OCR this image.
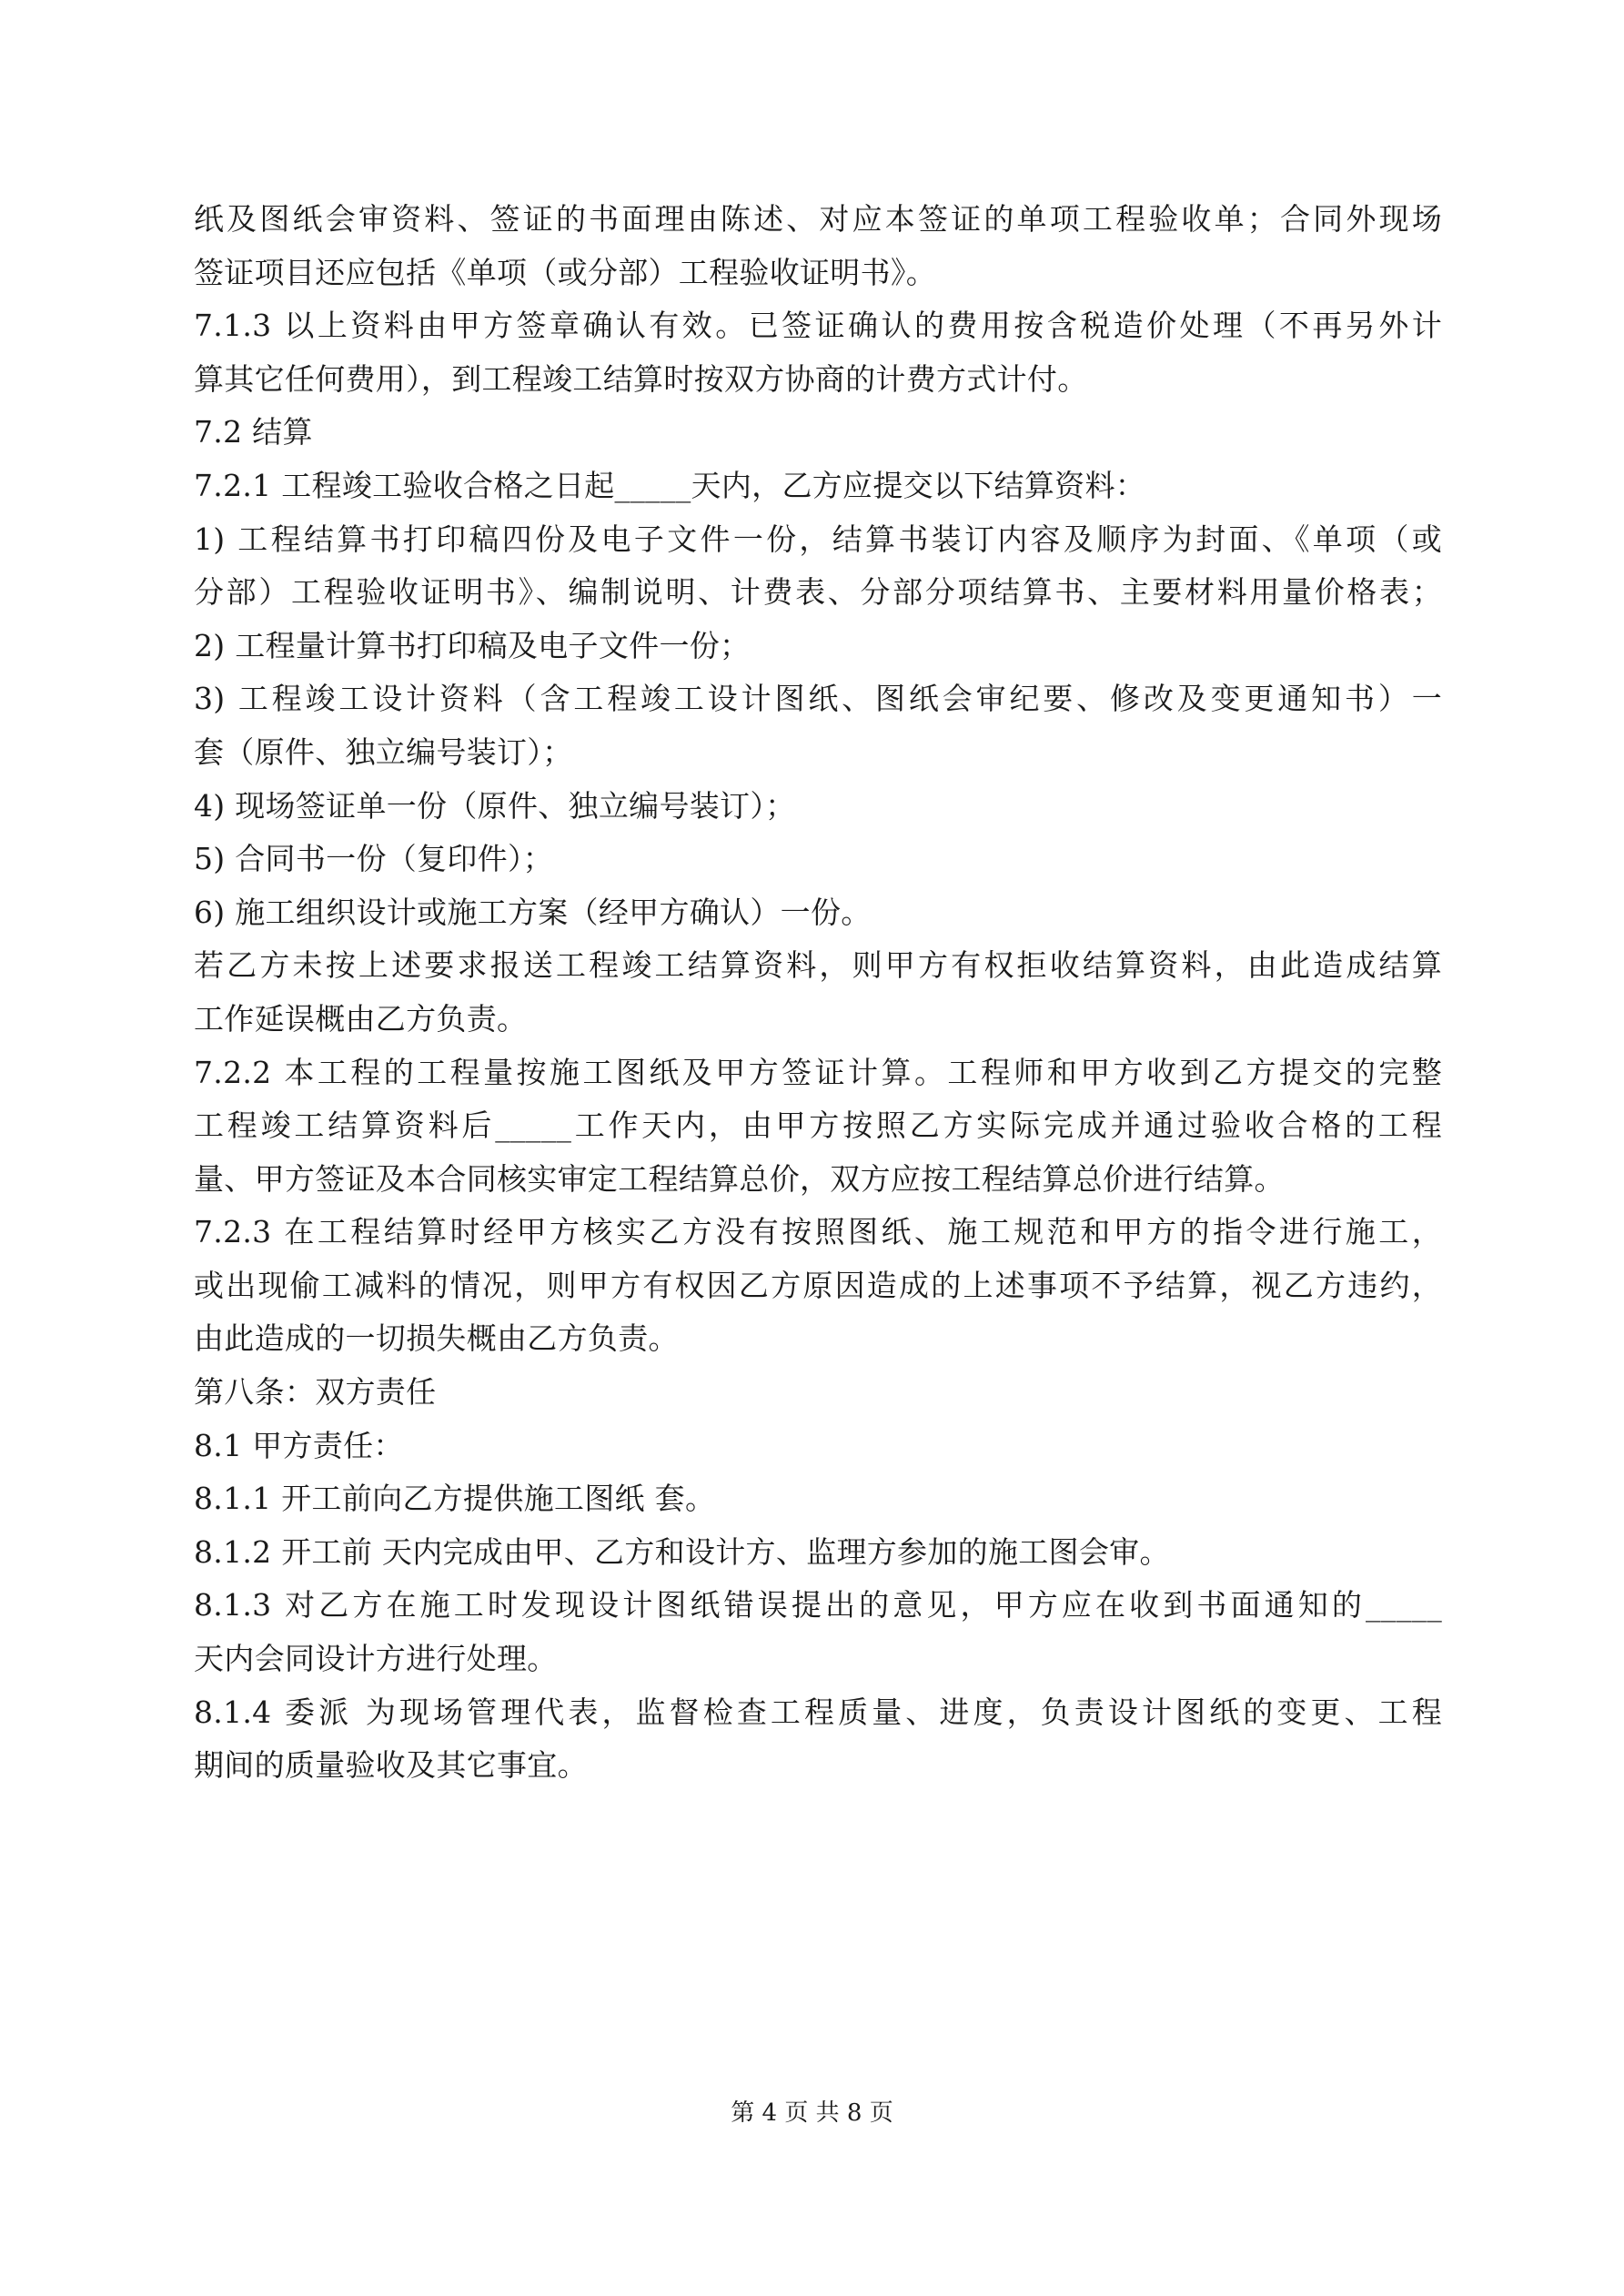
纸及图纸会审资料、签证的书面理由陈述、对应本签证的单项工程验收单；合同外现场
签证项目还应包括《单项（或分部）工程验收证明书》。
7.1.3 以上资料由甲方签章确认有效。已签证确认的费用按含税造价处理（不再另外计
算其它任何费用），到工程竣工结算时按双方协商的计费方式计付。
7.2 结算
7.2.1 工程竣工验收合格之日起_____天内，乙方应提交以下结算资料：
1) 工程结算书打印稿四份及电子文件一份，结算书装订内容及顺序为封面、《单项（或
分部）工程验收证明书》、编制说明、计费表、分部分项结算书、主要材料用量价格表；
2) 工程量计算书打印稿及电子文件一份；
3) 工程竣工设计资料（含工程竣工设计图纸、图纸会审纪要、修改及变更通知书）一
套（原件、独立编号装订）；
4) 现场签证单一份（原件、独立编号装订）；
5) 合同书一份（复印件）；
6) 施工组织设计或施工方案（经甲方确认）一份。
若乙方未按上述要求报送工程竣工结算资料，则甲方有权拒收结算资料，由此造成结算
工作延误概由乙方负责。
7.2.2 本工程的工程量按施工图纸及甲方签证计算。工程师和甲方收到乙方提交的完整
工程竣工结算资料后_____工作天内，由甲方按照乙方实际完成并通过验收合格的工程
量、甲方签证及本合同核实审定工程结算总价，双方应按工程结算总价进行结算。
7.2.3 在工程结算时经甲方核实乙方没有按照图纸、施工规范和甲方的指令进行施工，
或出现偷工减料的情况，则甲方有权因乙方原因造成的上述事项不予结算，视乙方违约，
由此造成的一切损失概由乙方负责。
第八条：双方责任
8.1 甲方责任：
8.1.1 开工前向乙方提供施工图纸 套。
8.1.2 开工前 天内完成由甲、乙方和设计方、监理方参加的施工图会审。
8.1.3 对乙方在施工时发现设计图纸错误提出的意见，甲方应在收到书面通知的_____
天内会同设计方进行处理。
8.1.4 委派 为现场管理代表，监督检查工程质量、进度，负责设计图纸的变更、工程
期间的质量验收及其它事宜。
第 4 页 共 8 页
